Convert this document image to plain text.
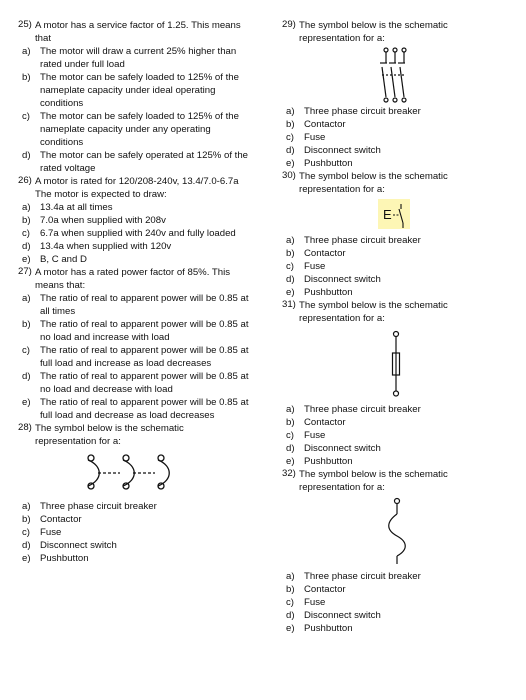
25) A motor has a service factor of 1.25. This means that
a) The motor will draw a current 25% higher than rated under full load
b) The motor can be safely loaded to 125% of the nameplate capacity under ideal operating conditions
c) The motor can be safely loaded to 125% of the nameplate capacity under any operating conditions
d) The motor can be safely operated at 125% of the rated voltage
26) A motor is rated for 120/208-240v, 13.4/7.0-6.7a The motor is expected to draw:
a) 13.4a at all times
b) 7.0a when supplied with 208v
c) 6.7a when supplied with 240v and fully loaded
d) 13.4a when supplied with 120v
e) B, C and D
27) A motor has a rated power factor of 85%. This means that:
a) The ratio of real to apparent power will be 0.85 at all times
b) The ratio of real to apparent power will be 0.85 at no load and increase with load
c) The ratio of real to apparent power will be 0.85 at full load and increase as load decreases
d) The ratio of real to apparent power will be 0.85 at no load and decrease with load
e) The ratio of real to apparent power will be 0.85 at full load and decrease as load decreases
28) The symbol below is the schematic representation for a:
a) Three phase circuit breaker
b) Contactor
c) Fuse
d) Disconnect switch
e) Pushbutton
29) The symbol below is the schematic representation for a:
a) Three phase circuit breaker
b) Contactor
c) Fuse
d) Disconnect switch
e) Pushbutton
30) The symbol below is the schematic representation for a:
E
a) Three phase circuit breaker
b) Contactor
c) Fuse
d) Disconnect switch
e) Pushbutton
31) The symbol below is the schematic representation for a:
a) Three phase circuit breaker
b) Contactor
c) Fuse
d) Disconnect switch
e) Pushbutton
32) The symbol below is the schematic representation for a:
a) Three phase circuit breaker
b) Contactor
c) Fuse
d) Disconnect switch
e) Pushbutton
